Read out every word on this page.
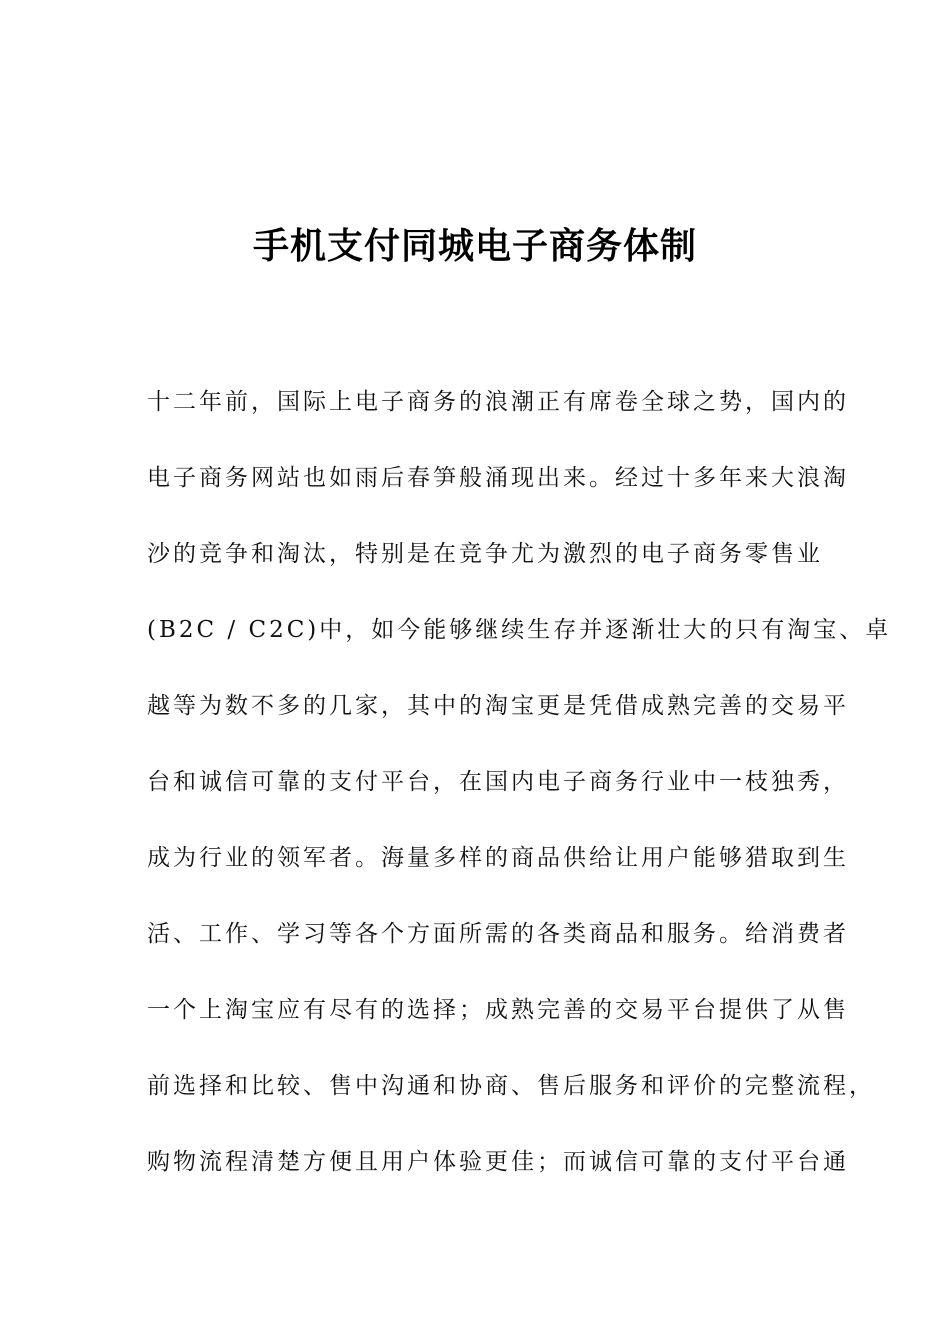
手机支付同城电子商务体制
十二年前，国际上电子商务的浪潮正有席卷全球之势，国内的
电子商务网站也如雨后春笋般涌现出来。经过十多年来大浪淘
沙的竞争和淘汰，特别是在竞争尤为激烈的电子商务零售业
(B2C / C2C)中，如今能够继续生存并逐渐壮大的只有淘宝、卓
越等为数不多的几家，其中的淘宝更是凭借成熟完善的交易平
台和诚信可靠的支付平台，在国内电子商务行业中一枝独秀，
成为行业的领军者。海量多样的商品供给让用户能够猎取到生
活、工作、学习等各个方面所需的各类商品和服务。给消费者
一个上淘宝应有尽有的选择；成熟完善的交易平台提供了从售
前选择和比较、售中沟通和协商、售后服务和评价的完整流程，
购物流程清楚方便且用户体验更佳；而诚信可靠的支付平台通
